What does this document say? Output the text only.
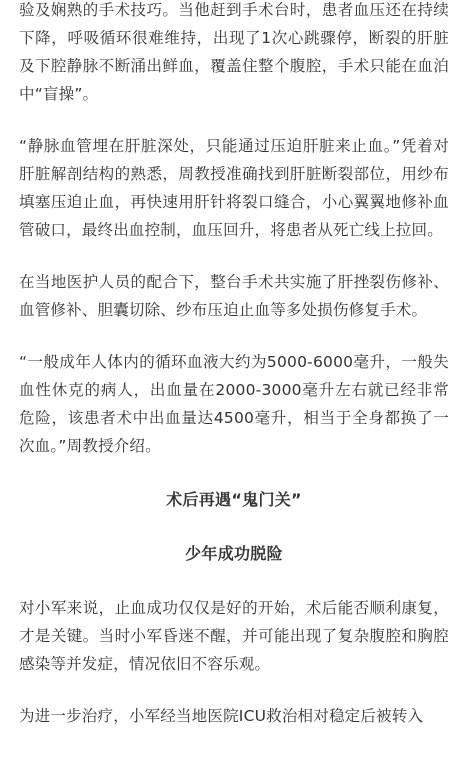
验及娴熟的手术技巧。当他赶到手术台时，患者血压还在持续下降，呼吸循环很难维持，出现了1次心跳骤停，断裂的肝脏及下腔静脉不断涌出鲜血，覆盖住整个腹腔，手术只能在血泊中“盲操”。

“静脉血管埋在肝脏深处，只能通过压迫肝脏来止血。”凭着对肝脏解剖结构的熟悉，周教授准确找到肝脏断裂部位，用纱布填塞压迫止血，再快速用肝针将裂口缝合，小心翼翼地修补血管破口，最终出血控制，血压回升，将患者从死亡线上拉回。

在当地医护人员的配合下，整台手术共实施了肝挫裂伤修补、血管修补、胆囊切除、纱布压迫止血等多处损伤修复手术。

“一般成年人体内的循环血液大约为5000-6000毫升，一般失血性休克的病人，出血量在2000-3000毫升左右就已经非常危险，该患者术中出血量达4500毫升，相当于全身都换了一次血。”周教授介绍。

术后再遇“鬼门关”

少年成功脱险

对小军来说，止血成功仅仅是好的开始，术后能否顺利康复，才是关键。当时小军昏迷不醒，并可能出现了复杂腹腔和胸腔感染等并发症，情况依旧不容乐观。

为进一步治疗，小军经当地医院ICU救治相对稳定后被转入
